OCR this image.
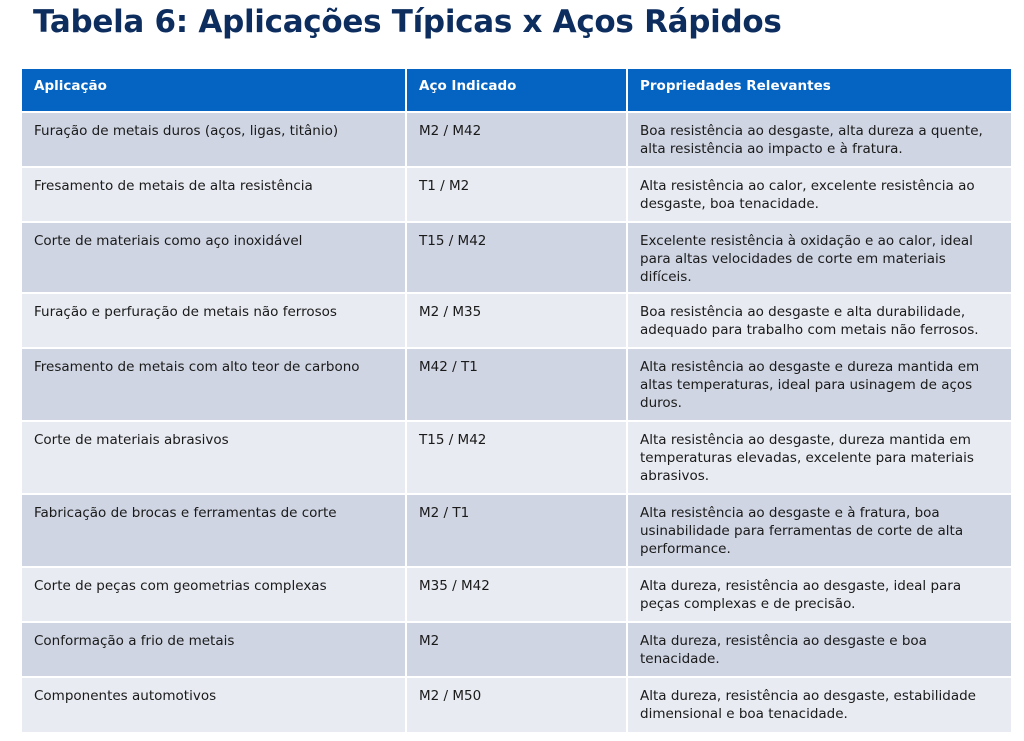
Tabela 6: Aplicações Típicas x Aços Rápidos
Aplicação	Aço Indicado	Propriedades Relevantes
Furação de metais duros (aços, ligas, titânio)	M2 / M42	Boa resistência ao desgaste, alta dureza a quente, alta resistência ao impacto e à fratura.
Fresamento de metais de alta resistência	T1 / M2	Alta resistência ao calor, excelente resistência ao desgaste, boa tenacidade.
Corte de materiais como aço inoxidável	T15 / M42	Excelente resistência à oxidação e ao calor, ideal para altas velocidades de corte em materiais difíceis.
Furação e perfuração de metais não ferrosos	M2 / M35	Boa resistência ao desgaste e alta durabilidade, adequado para trabalho com metais não ferrosos.
Fresamento de metais com alto teor de carbono	M42 / T1	Alta resistência ao desgaste e dureza mantida em altas temperaturas, ideal para usinagem de aços duros.
Corte de materiais abrasivos	T15 / M42	Alta resistência ao desgaste, dureza mantida em temperaturas elevadas, excelente para materiais abrasivos.
Fabricação de brocas e ferramentas de corte	M2 / T1	Alta resistência ao desgaste e à fratura, boa usinabilidade para ferramentas de corte de alta performance.
Corte de peças com geometrias complexas	M35 / M42	Alta dureza, resistência ao desgaste, ideal para peças complexas e de precisão.
Conformação a frio de metais	M2	Alta dureza, resistência ao desgaste e boa tenacidade.
Componentes automotivos	M2 / M50	Alta dureza, resistência ao desgaste, estabilidade dimensional e boa tenacidade.
